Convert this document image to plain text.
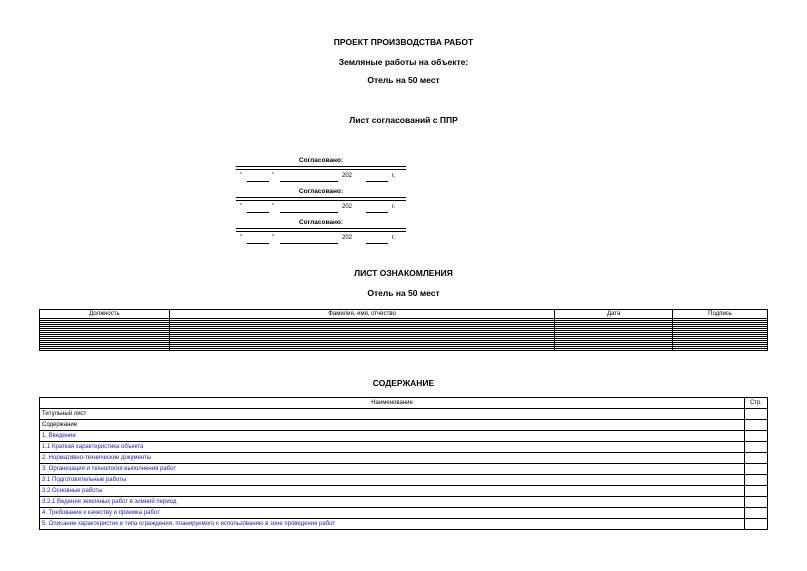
ПРОЕКТ ПРОИЗВОДСТВА РАБОТ
Земляные работы на объекте:
Отель на 50 мест
Лист согласований с ППР
Согласовано:
"	"	202	г.
Согласовано:
"	"	202	г.
Согласовано:
"	"	202	г.
ЛИСТ ОЗНАКОМЛЕНИЯ
Отель на 50 мест
Должность	Фамилия, имя, отчество	Дата	Подпись

СОДЕРЖАНИЕ
Наименование	Стр.
Титульный лист	
Содержание	
1. Введение	
1.1 Краткая характеристика объекта	
2. Нормативно-технические документы	
3. Организация и технология выполнения работ	
3.1 Подготовительные работы	
3.2 Основные работы	
3.2.1 Ведение земляных работ в зимний период	
4. Требования к качеству и приемка работ	
5. Описание характеристик и типа ограждения, планируемого к использованию в зоне проведения работ	
